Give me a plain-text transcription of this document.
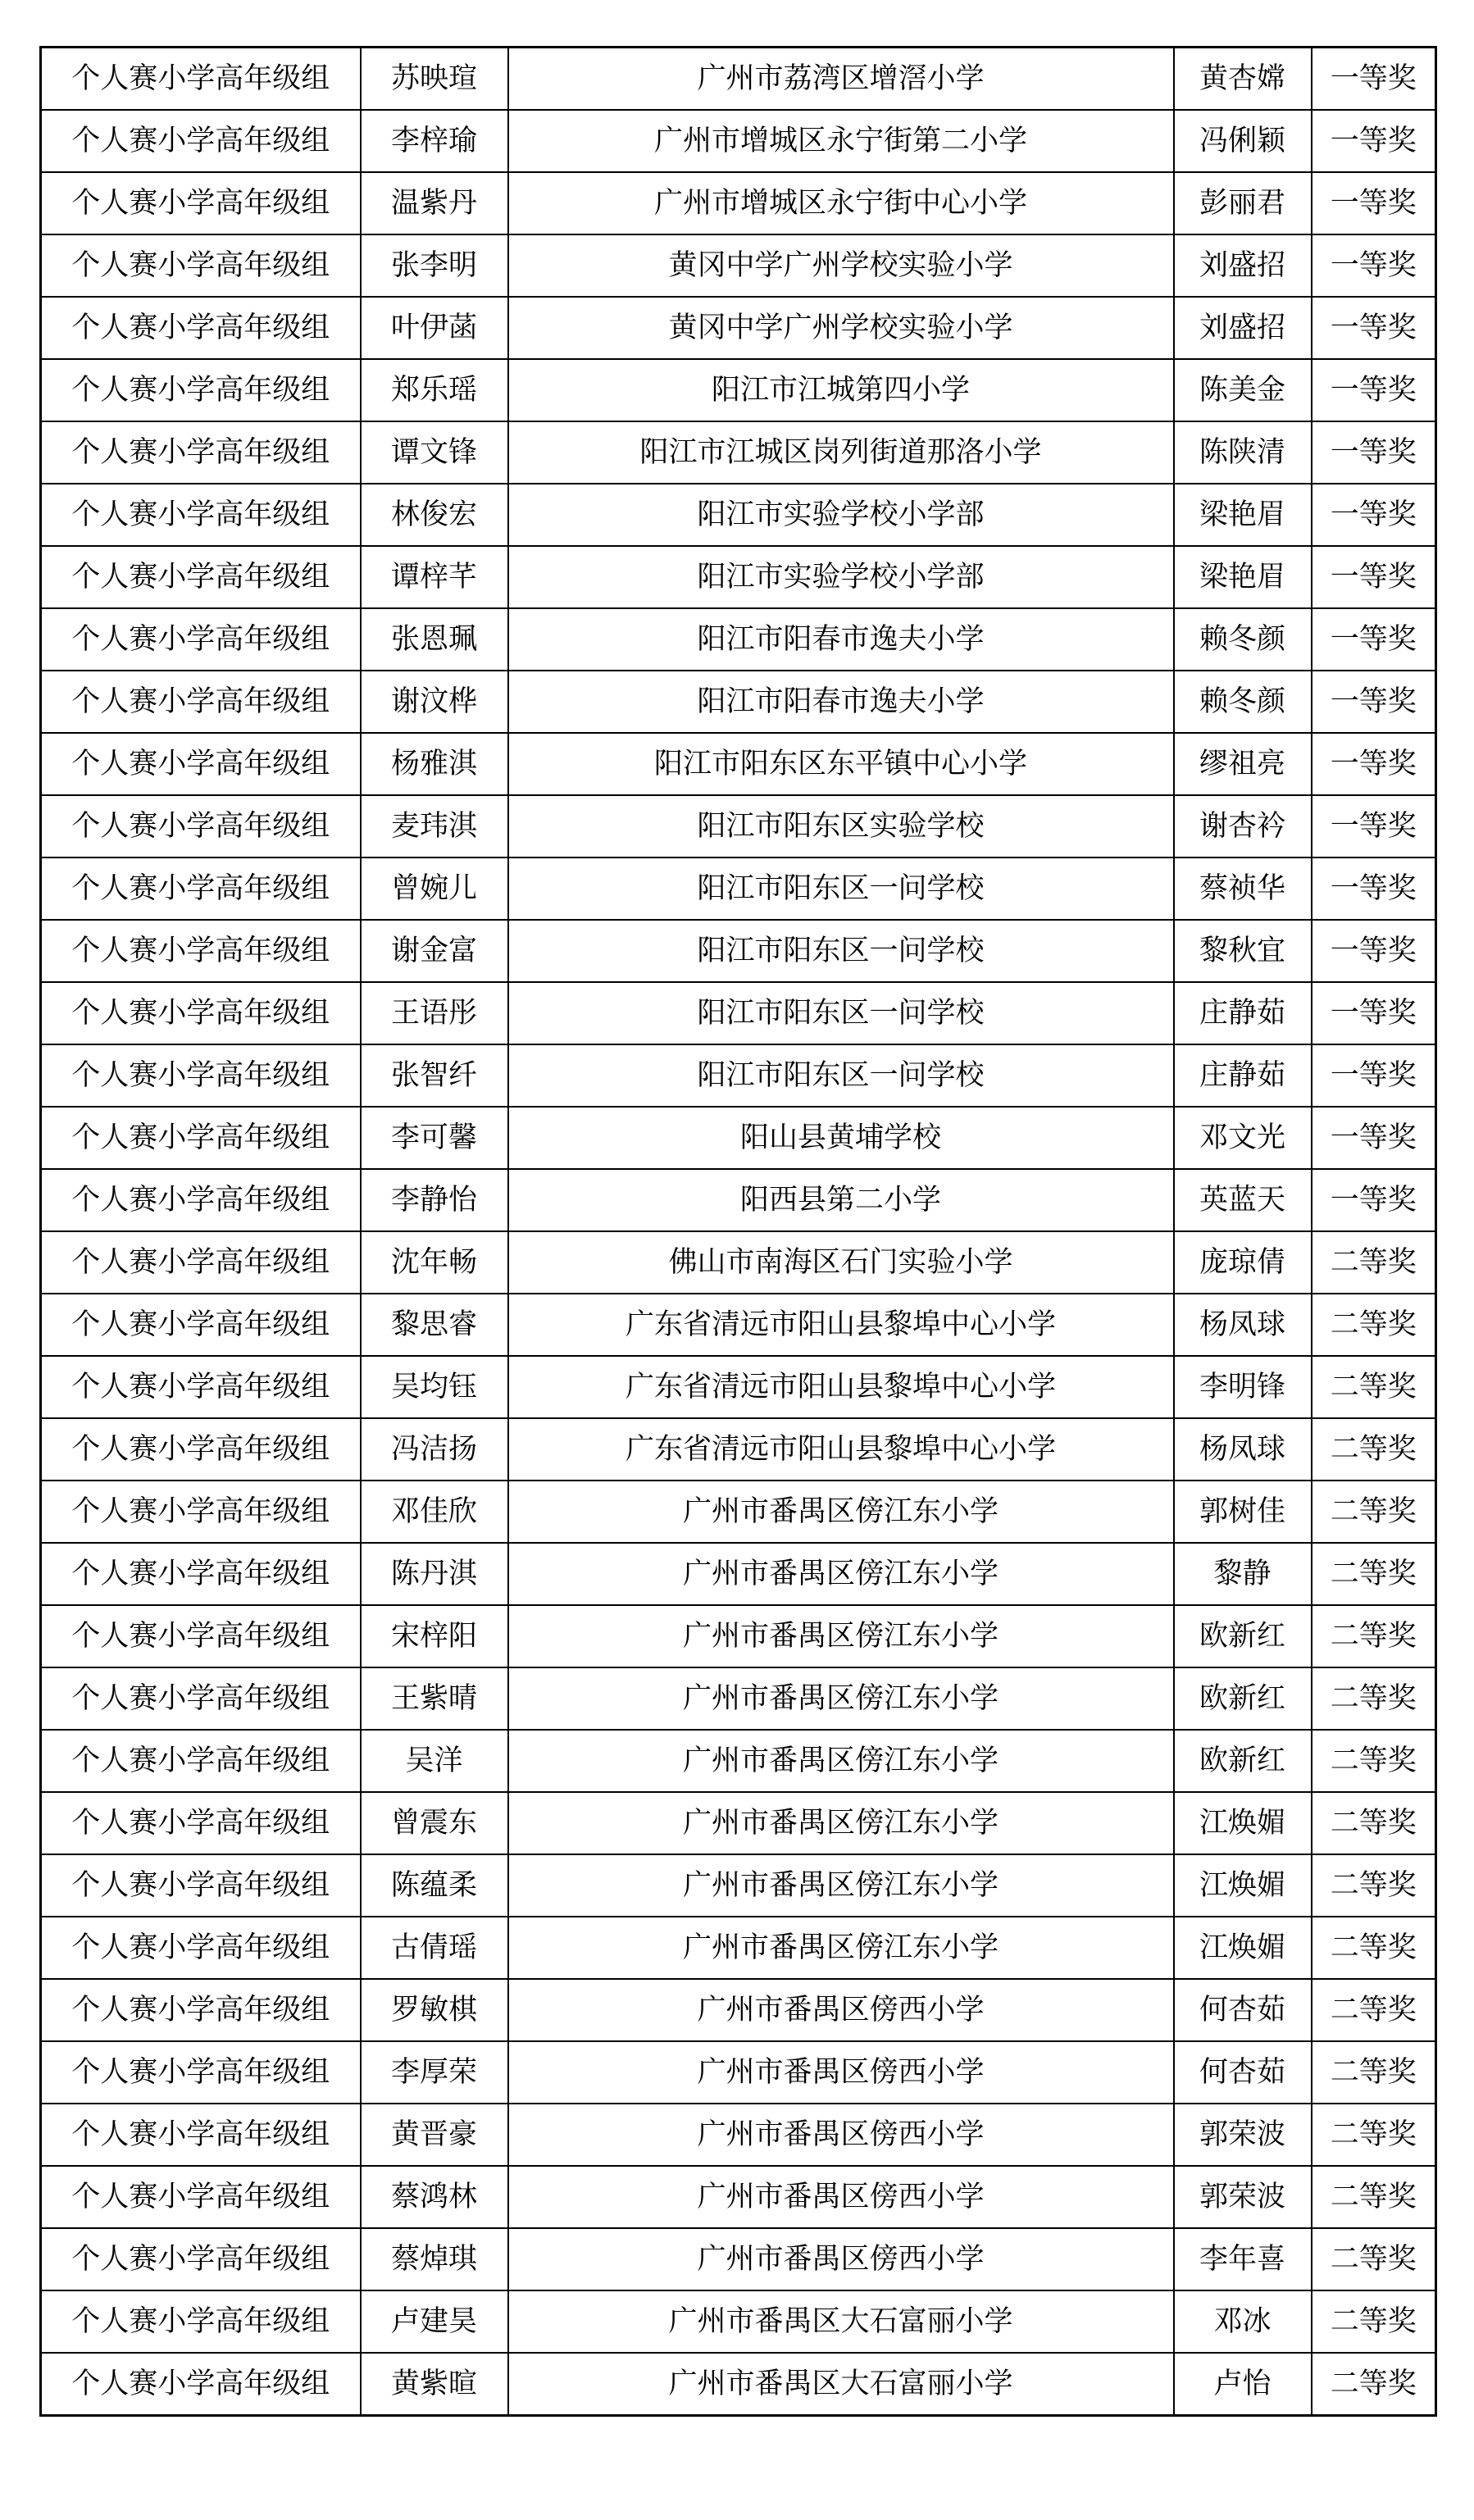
个人赛小学高年级组	苏映瑄	广州市荔湾区增滘小学	黄杏嫦	一等奖
个人赛小学高年级组	李梓瑜	广州市增城区永宁街第二小学	冯俐颖	一等奖
个人赛小学高年级组	温紫丹	广州市增城区永宁街中心小学	彭丽君	一等奖
个人赛小学高年级组	张李明	黄冈中学广州学校实验小学	刘盛招	一等奖
个人赛小学高年级组	叶伊菡	黄冈中学广州学校实验小学	刘盛招	一等奖
个人赛小学高年级组	郑乐瑶	阳江市江城第四小学	陈美金	一等奖
个人赛小学高年级组	谭文锋	阳江市江城区岗列街道那洛小学	陈陕清	一等奖
个人赛小学高年级组	林俊宏	阳江市实验学校小学部	梁艳眉	一等奖
个人赛小学高年级组	谭梓芊	阳江市实验学校小学部	梁艳眉	一等奖
个人赛小学高年级组	张恩珮	阳江市阳春市逸夫小学	赖冬颜	一等奖
个人赛小学高年级组	谢汶桦	阳江市阳春市逸夫小学	赖冬颜	一等奖
个人赛小学高年级组	杨雅淇	阳江市阳东区东平镇中心小学	缪祖亮	一等奖
个人赛小学高年级组	麦玮淇	阳江市阳东区实验学校	谢杏衿	一等奖
个人赛小学高年级组	曾婉儿	阳江市阳东区一问学校	蔡祯华	一等奖
个人赛小学高年级组	谢金富	阳江市阳东区一问学校	黎秋宜	一等奖
个人赛小学高年级组	王语彤	阳江市阳东区一问学校	庄静茹	一等奖
个人赛小学高年级组	张智纤	阳江市阳东区一问学校	庄静茹	一等奖
个人赛小学高年级组	李可馨	阳山县黄埔学校	邓文光	一等奖
个人赛小学高年级组	李静怡	阳西县第二小学	英蓝天	一等奖
个人赛小学高年级组	沈年畅	佛山市南海区石门实验小学	庞琼倩	二等奖
个人赛小学高年级组	黎思睿	广东省清远市阳山县黎埠中心小学	杨凤球	二等奖
个人赛小学高年级组	吴均钰	广东省清远市阳山县黎埠中心小学	李明锋	二等奖
个人赛小学高年级组	冯洁扬	广东省清远市阳山县黎埠中心小学	杨凤球	二等奖
个人赛小学高年级组	邓佳欣	广州市番禺区傍江东小学	郭树佳	二等奖
个人赛小学高年级组	陈丹淇	广州市番禺区傍江东小学	黎静	二等奖
个人赛小学高年级组	宋梓阳	广州市番禺区傍江东小学	欧新红	二等奖
个人赛小学高年级组	王紫晴	广州市番禺区傍江东小学	欧新红	二等奖
个人赛小学高年级组	吴洋	广州市番禺区傍江东小学	欧新红	二等奖
个人赛小学高年级组	曾震东	广州市番禺区傍江东小学	江焕媚	二等奖
个人赛小学高年级组	陈蕴柔	广州市番禺区傍江东小学	江焕媚	二等奖
个人赛小学高年级组	古倩瑶	广州市番禺区傍江东小学	江焕媚	二等奖
个人赛小学高年级组	罗敏棋	广州市番禺区傍西小学	何杏茹	二等奖
个人赛小学高年级组	李厚荣	广州市番禺区傍西小学	何杏茹	二等奖
个人赛小学高年级组	黄晋豪	广州市番禺区傍西小学	郭荣波	二等奖
个人赛小学高年级组	蔡鸿林	广州市番禺区傍西小学	郭荣波	二等奖
个人赛小学高年级组	蔡焯琪	广州市番禺区傍西小学	李年喜	二等奖
个人赛小学高年级组	卢建昊	广州市番禺区大石富丽小学	邓冰	二等奖
个人赛小学高年级组	黄紫暄	广州市番禺区大石富丽小学	卢怡	二等奖
